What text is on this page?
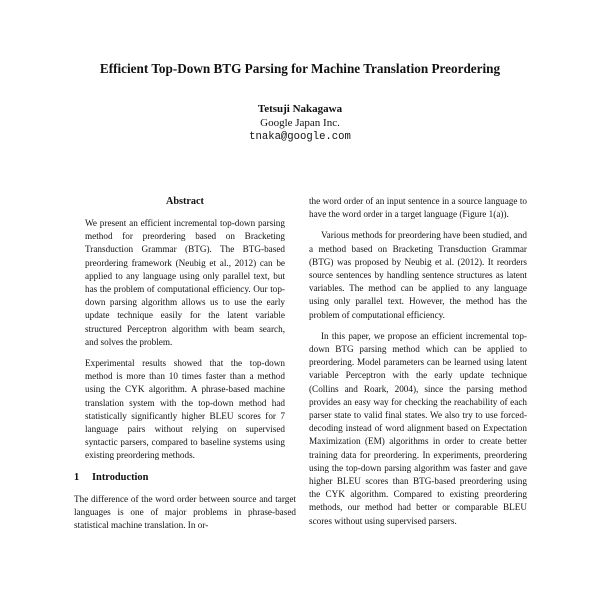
Efficient Top-Down BTG Parsing for Machine Translation Preordering
Tetsuji Nakagawa
Google Japan Inc.
tnaka@google.com
Abstract

We present an efficient incremental top-down parsing method for preordering based on Bracketing Transduction Grammar (BTG). The BTG-based preordering framework (Neubig et al., 2012) can be applied to any language using only parallel text, but has the problem of computational efficiency. Our top-down parsing algorithm allows us to use the early update technique easily for the latent variable structured Perceptron algorithm with beam search, and solves the problem.

Experimental results showed that the top-down method is more than 10 times faster than a method using the CYK algorithm. A phrase-based machine translation system with the top-down method had statistically significantly higher BLEU scores for 7 language pairs without relying on supervised syntactic parsers, compared to baseline systems using existing preordering methods.

1 Introduction

The difference of the word order between source and target languages is one of major problems in phrase-based statistical machine translation. In or-

the word order of an input sentence in a source language to have the word order in a target language (Figure 1(a)).

Various methods for preordering have been studied, and a method based on Bracketing Transduction Grammar (BTG) was proposed by Neubig et al. (2012). It reorders source sentences by handling sentence structures as latent variables. The method can be applied to any language using only parallel text. However, the method has the problem of computational efficiency.

In this paper, we propose an efficient incremental top-down BTG parsing method which can be applied to preordering. Model parameters can be learned using latent variable Perceptron with the early update technique (Collins and Roark, 2004), since the parsing method provides an easy way for checking the reachability of each parser state to valid final states. We also try to use forced-decoding instead of word alignment based on Expectation Maximization (EM) algorithms in order to create better training data for preordering. In experiments, preordering using the top-down parsing algorithm was faster and gave higher BLEU scores than BTG-based preordering using the CYK algorithm. Compared to existing preordering methods, our method had better or comparable BLEU scores without using supervised parsers.
